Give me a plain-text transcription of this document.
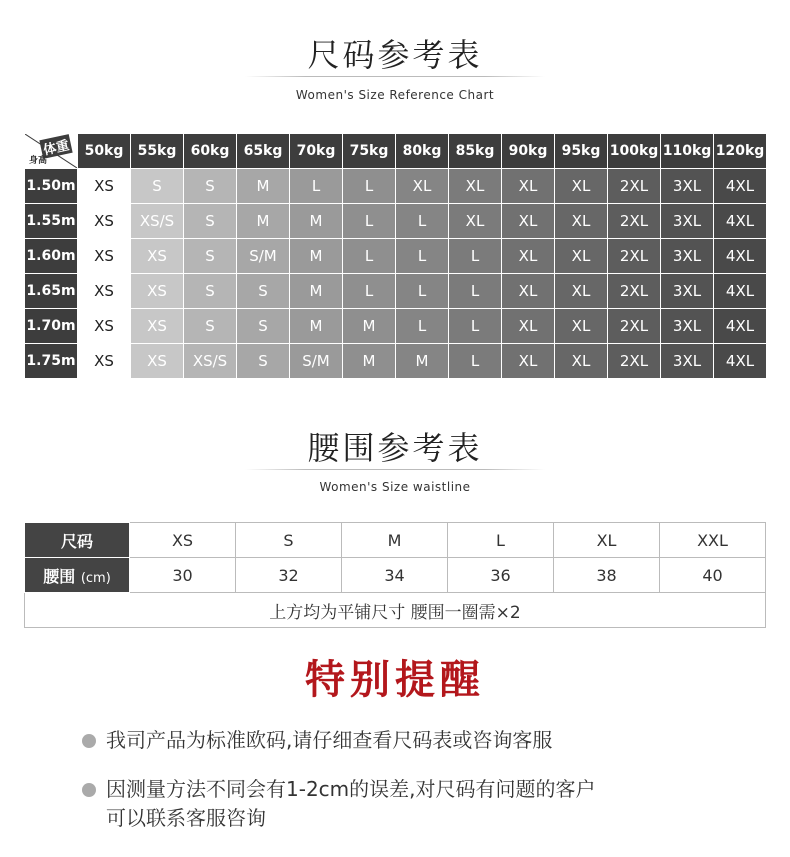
尺码参考表
Women's Size Reference Chart
体重
身高	50kg	55kg	60kg	65kg	70kg	75kg	80kg	85kg	90kg	95kg	100kg	110kg	120kg
1.50m	XS	S	S	M	L	L	XL	XL	XL	XL	2XL	3XL	4XL
1.55m	XS	XS/S	S	M	M	L	L	XL	XL	XL	2XL	3XL	4XL
1.60m	XS	XS	S	S/M	M	L	L	L	XL	XL	2XL	3XL	4XL
1.65m	XS	XS	S	S	M	L	L	L	XL	XL	2XL	3XL	4XL
1.70m	XS	XS	S	S	M	M	L	L	XL	XL	2XL	3XL	4XL
1.75m	XS	XS	XS/S	S	S/M	M	M	L	XL	XL	2XL	3XL	4XL
腰围参考表
Women's Size waistline
尺码	XS	S	M	L	XL	XXL
腰围 (cm)	30	32	34	36	38	40
上方均为平铺尺寸 腰围一圈需×2						
特别提醒
我司产品为标准欧码,请仔细查看尺码表或咨询客服
因测量方法不同会有1-2cm的误差,对尺码有问题的客户
可以联系客服咨询
